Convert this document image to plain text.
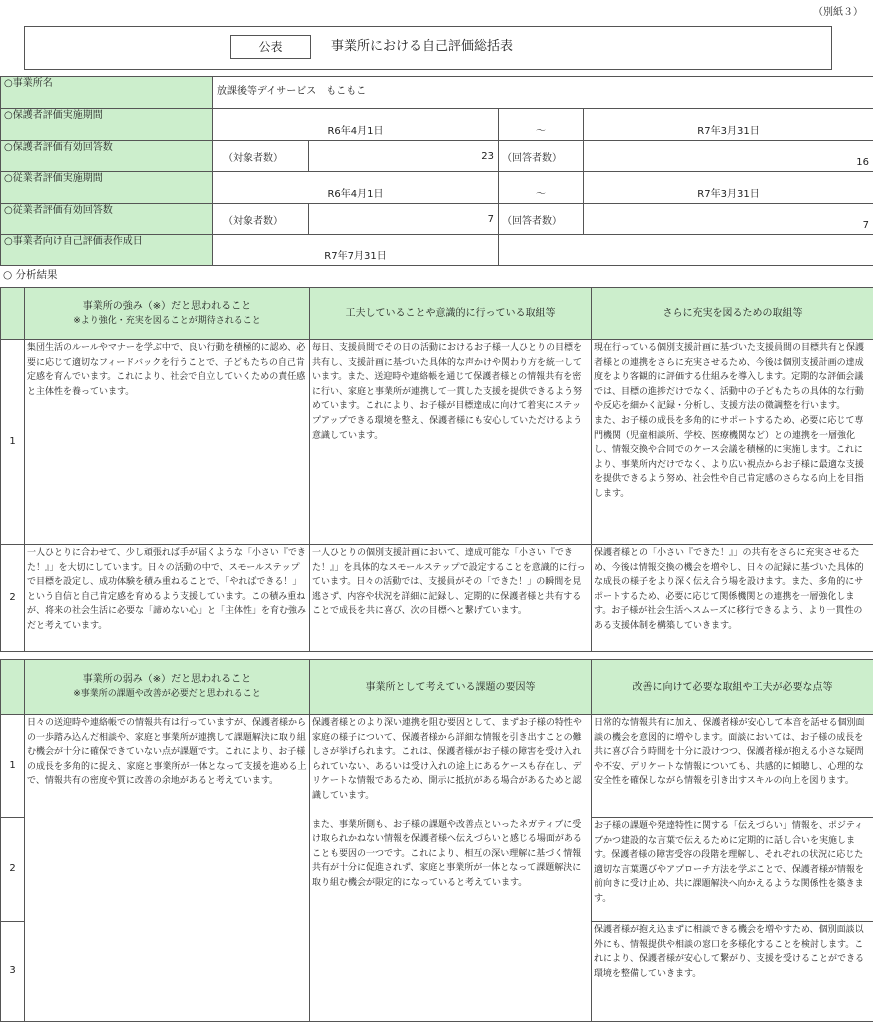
（別紙３）
公表	事業所における自己評価総括表
○事業所名	放課後等デイサービス　もこもこ			
○保護者評価実施期間	R6年4月1日		～	R7年3月31日
○保護者評価有効回答数	（対象者数）	23	（回答者数）	16
○従業者評価実施期間	R6年4月1日		～	R7年3月31日
○従業者評価有効回答数	（対象者数）	7	（回答者数）	7
○事業者向け自己評価表作成日	R7年7月31日			
○ 分析結果
	事業所の強み（※）だと思われること
※より強化・充実を図ることが期待されること	工夫していることや意識的に行っている取組等	さらに充実を図るための取組等
1	集団生活のルールやマナーを学ぶ中で、良い行動を積極的に認め、必要に応じて適切なフィードバックを行うことで、子どもたちの自己肯定感を育んでいます。これにより、社会で自立していくための責任感と主体性を養っています。	毎日、支援員間でその日の活動におけるお子様一人ひとりの目標を共有し、支援計画に基づいた具体的な声かけや関わり方を統一しています。また、送迎時や連絡帳を通じて保護者様との情報共有を密に行い、家庭と事業所が連携して一貫した支援を提供できるよう努めています。これにより、お子様が目標達成に向けて着実にステップアップできる環境を整え、保護者様にも安心していただけるよう意識しています。	現在行っている個別支援計画に基づいた支援員間の目標共有と保護者様との連携をさらに充実させるため、今後は個別支援計画の達成度をより客観的に評価する仕組みを導入します。定期的な評価会議では、目標の進捗だけでなく、活動中の子どもたちの具体的な行動や反応を細かく記録・分析し、支援方法の微調整を行います。
また、お子様の成長を多角的にサポートするため、必要に応じて専門機関（児童相談所、学校、医療機関など）との連携を一層強化し、情報交換や合同でのケース会議を積極的に実施します。これにより、事業所内だけでなく、より広い視点からお子様に最適な支援を提供できるよう努め、社会性や自己肯定感のさらなる向上を目指します。

2	一人ひとりに合わせて、少し頑張れば手が届くような「小さい『できた！』」を大切にしています。日々の活動の中で、スモールステップで目標を設定し、成功体験を積み重ねることで、「やればできる！」という自信と自己肯定感を育めるよう支援しています。この積み重ねが、将来の社会生活に必要な「諦めない心」と「主体性」を育む強みだと考えています。	一人ひとりの個別支援計画において、達成可能な「小さい『できた！』」を具体的なスモールステップで設定することを意識的に行っています。日々の活動では、支援員がその「できた！」の瞬間を見逃さず、内容や状況を詳細に記録し、定期的に保護者様と共有することで成長を共に喜び、次の目標へと繋げています。	保護者様との「小さい『できた！』」の共有をさらに充実させるため、今後は情報交換の機会を増やし、日々の記録に基づいた具体的な成長の様子をより深く伝え合う場を設けます。また、多角的にサポートするため、必要に応じて関係機関との連携を一層強化します。お子様が社会生活へスムーズに移行できるよう、より一貫性のある支援体制を構築していきます。
	事業所の弱み（※）だと思われること
※事業所の課題や改善が必要だと思われること	事業所として考えている課題の要因等	改善に向けて必要な取組や工夫が必要な点等
1	日々の送迎時や連絡帳での情報共有は行っていますが、保護者様からの一歩踏み込んだ相談や、家庭と事業所が連携して課題解決に取り組む機会が十分に確保できていない点が課題です。これにより、お子様の成長を多角的に捉え、家庭と事業所が一体となって支援を進める上で、情報共有の密度や質に改善の余地があると考えています。	保護者様とのより深い連携を阻む要因として、まずお子様の特性や家庭の様子について、保護者様から詳細な情報を引き出すことの難しさが挙げられます。これは、保護者様がお子様の障害を受け入れられていない、あるいは受け入れの途上にあるケースも存在し、デリケートな情報であるため、開示に抵抗がある場合があるためと認識しています。
また、事業所側も、お子様の課題や改善点といったネガティブに受け取られかねない情報を保護者様へ伝えづらいと感じる場面があることも要因の一つです。これにより、相互の深い理解に基づく情報共有が十分に促進されず、家庭と事業所が一体となって課題解決に取り組む機会が限定的になっていると考えています。	日常的な情報共有に加え、保護者様が安心して本音を話せる個別面談の機会を意図的に増やします。面談においては、お子様の成長を共に喜び合う時間を十分に設けつつ、保護者様が抱える小さな疑問や不安、デリケートな情報についても、共感的に傾聴し、心理的な安全性を確保しながら情報を引き出すスキルの向上を図ります。
2			お子様の課題や発達特性に関する「伝えづらい」情報を、ポジティブかつ建設的な言葉で伝えるために定期的に話し合いを実施します。保護者様の障害受容の段階を理解し、それぞれの状況に応じた適切な言葉選びやアプローチ方法を学ぶことで、保護者様が情報を前向きに受け止め、共に課題解決へ向かえるような関係性を築きます。
3			保護者様が抱え込まずに相談できる機会を増やすため、個別面談以外にも、情報提供や相談の窓口を多様化することを検討します。これにより、保護者様が安心して繋がり、支援を受けることができる環境を整備していきます。
